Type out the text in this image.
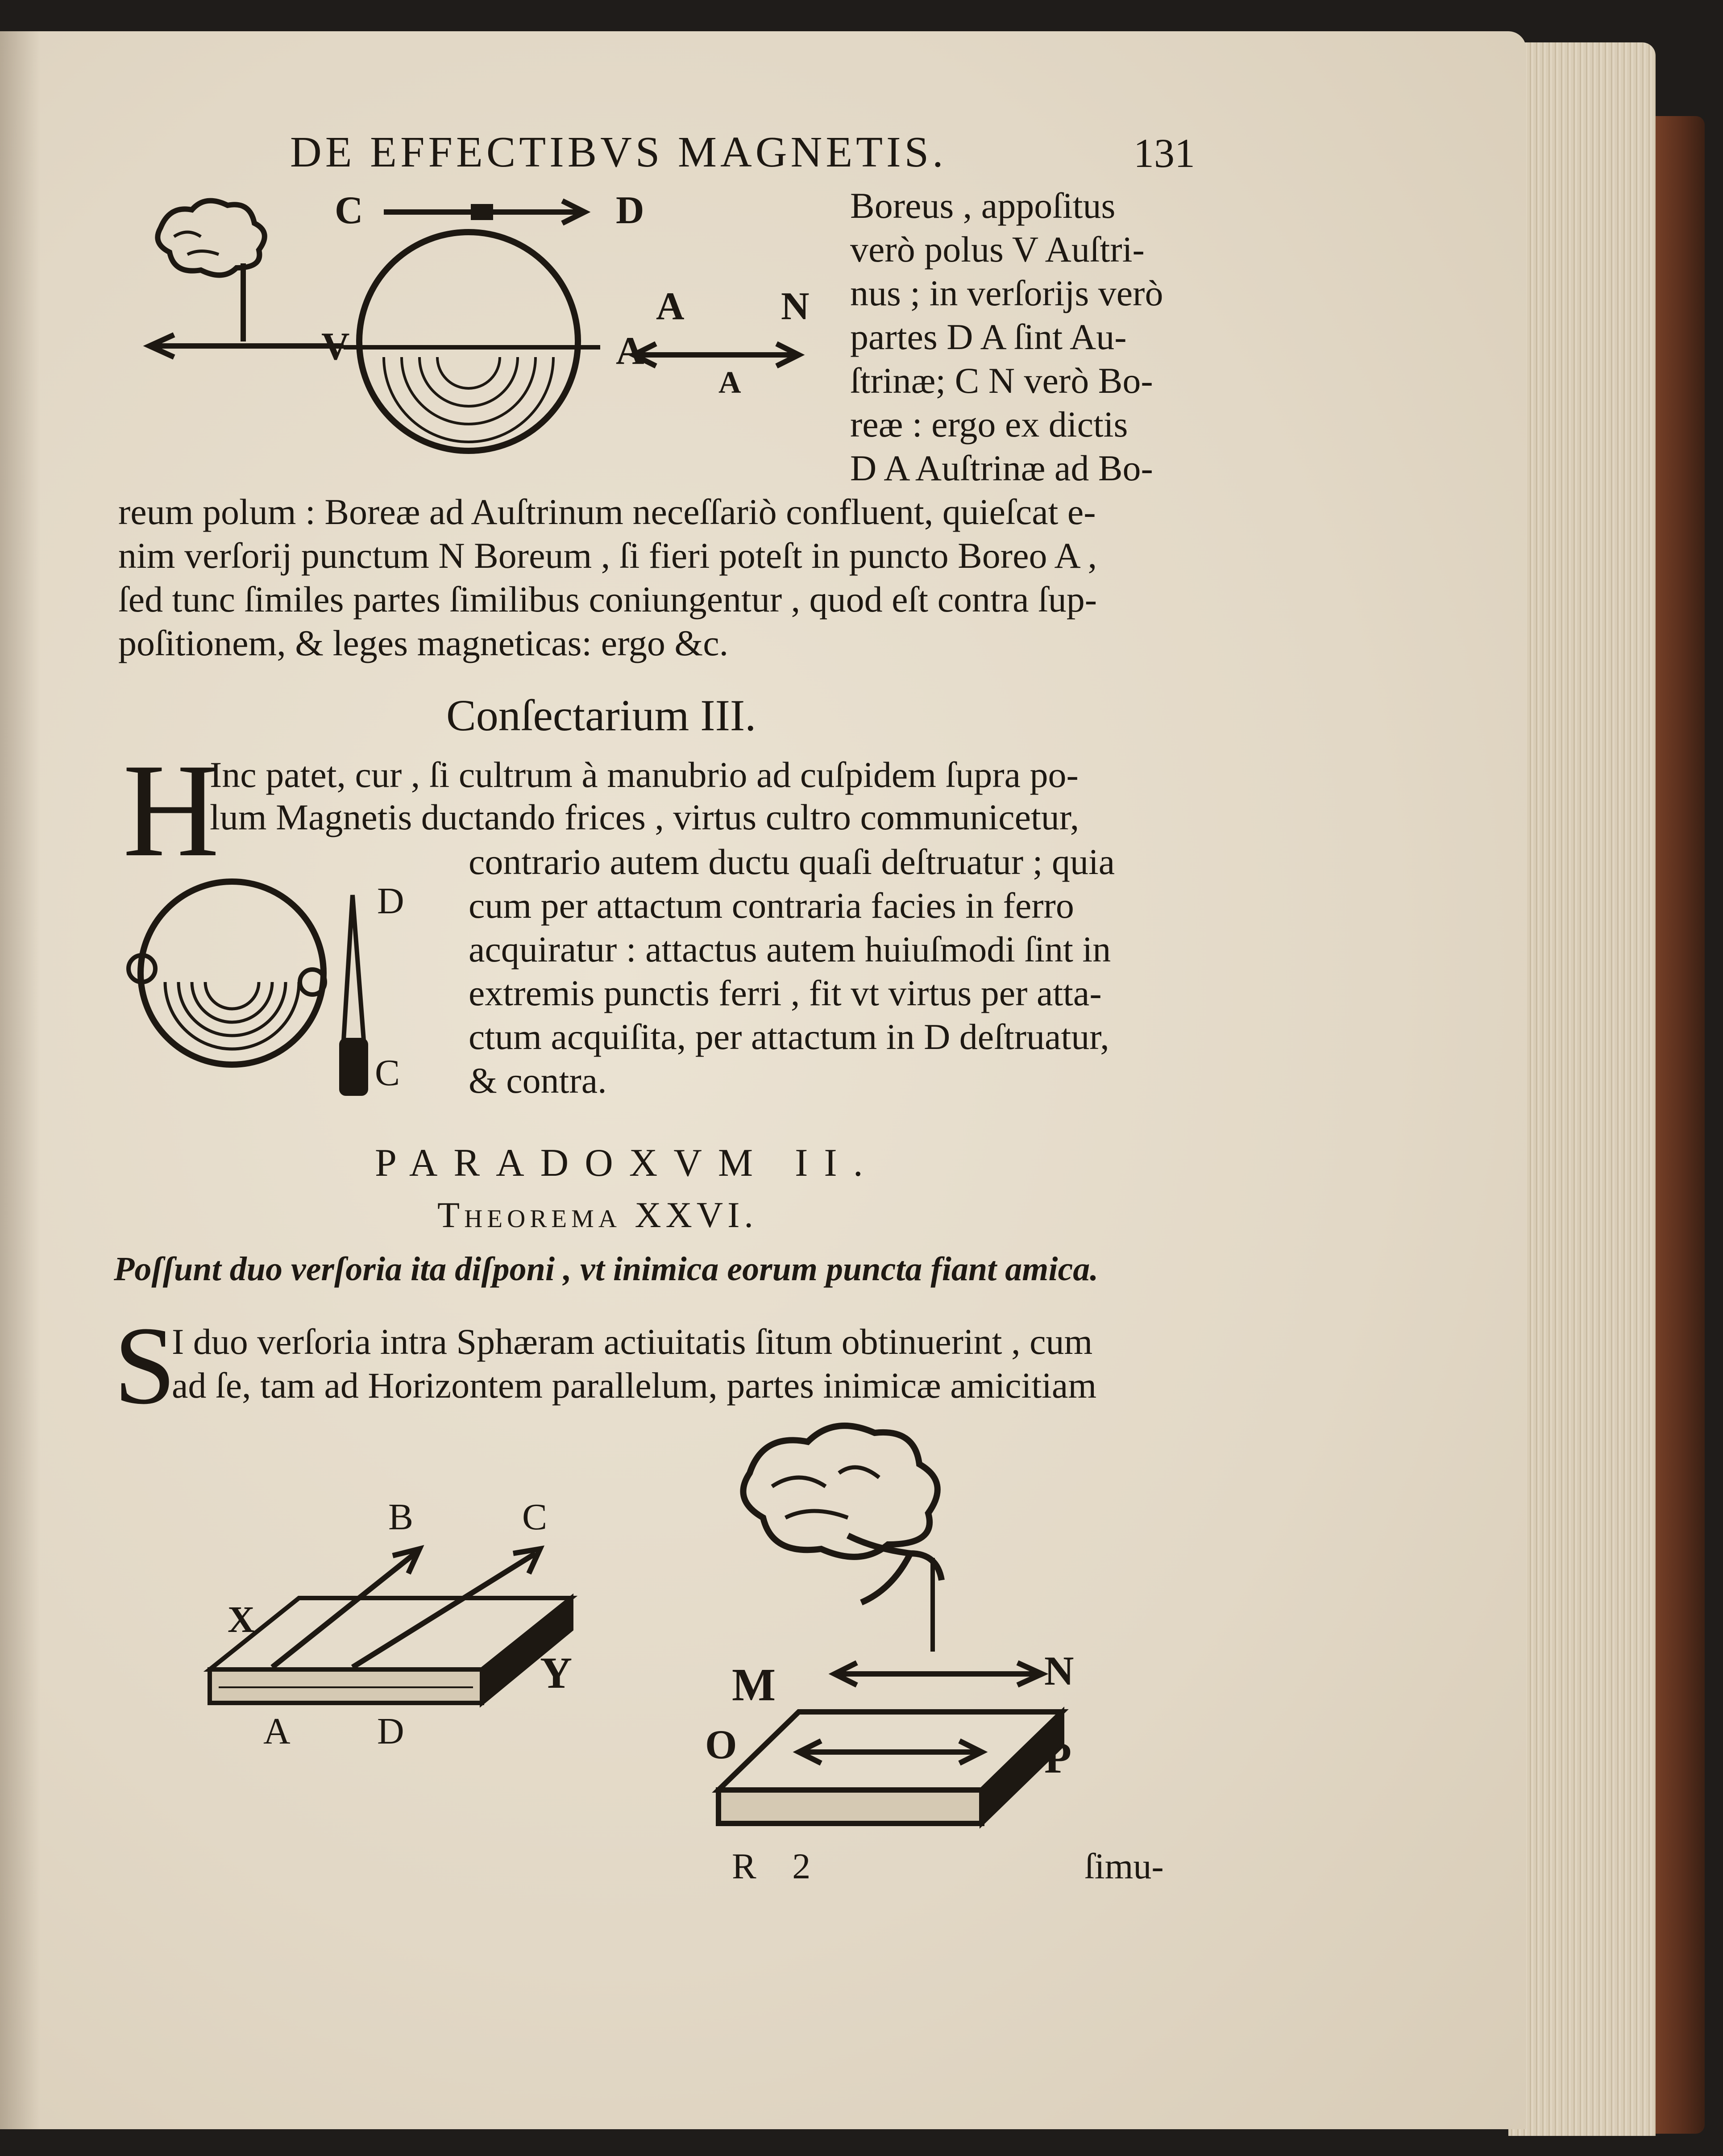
DE EFFECTIBVS MAGNETIS.	131
C	D
V	A
A N
A
Boreus , appoſitus
verò polus V Auſtri-
nus ; in verſorijs verò
partes D A ſint Au-
ſtrinæ; C N verò Bo-
reæ : ergo ex dictis
D A Auſtrinæ ad Bo-
reum polum : Boreæ ad Auſtrinum neceſſariò confluent, quieſcat e-
nim verſorij punctum N Boreum , ſi fieri poteſt in puncto Boreo A ,
ſed tunc ſimiles partes ſimilibus coniungentur , quod eſt contra ſup-
poſitionem, & leges magneticas: ergo &c.
Conſectarium III.
H
Inc patet, cur , ſi cultrum à manubrio ad cuſpidem ſupra po-
lum Magnetis ductando frices , virtus cultro communicetur,
D
C
contrario autem ductu quaſi deſtruatur ; quia
cum per attactum contraria facies in ferro
acquiratur : attactus autem huiuſmodi ſint in
extremis punctis ferri , fit vt virtus per atta-
ctum acquiſita, per attactum in D deſtruatur,
& contra.
PARADOXVM II.
Theorema XXVI.
Poſſunt duo verſoria ita diſponi , vt inimica eorum puncta fiant amica.
S
I duo verſoria intra Sphæram actiuitatis ſitum obtinuerint , cum
ad ſe, tam ad Horizontem parallelum, partes inimicæ amicitiam
B	C
X
Y
A D
M	N
O	P
R 2	ſimu-
